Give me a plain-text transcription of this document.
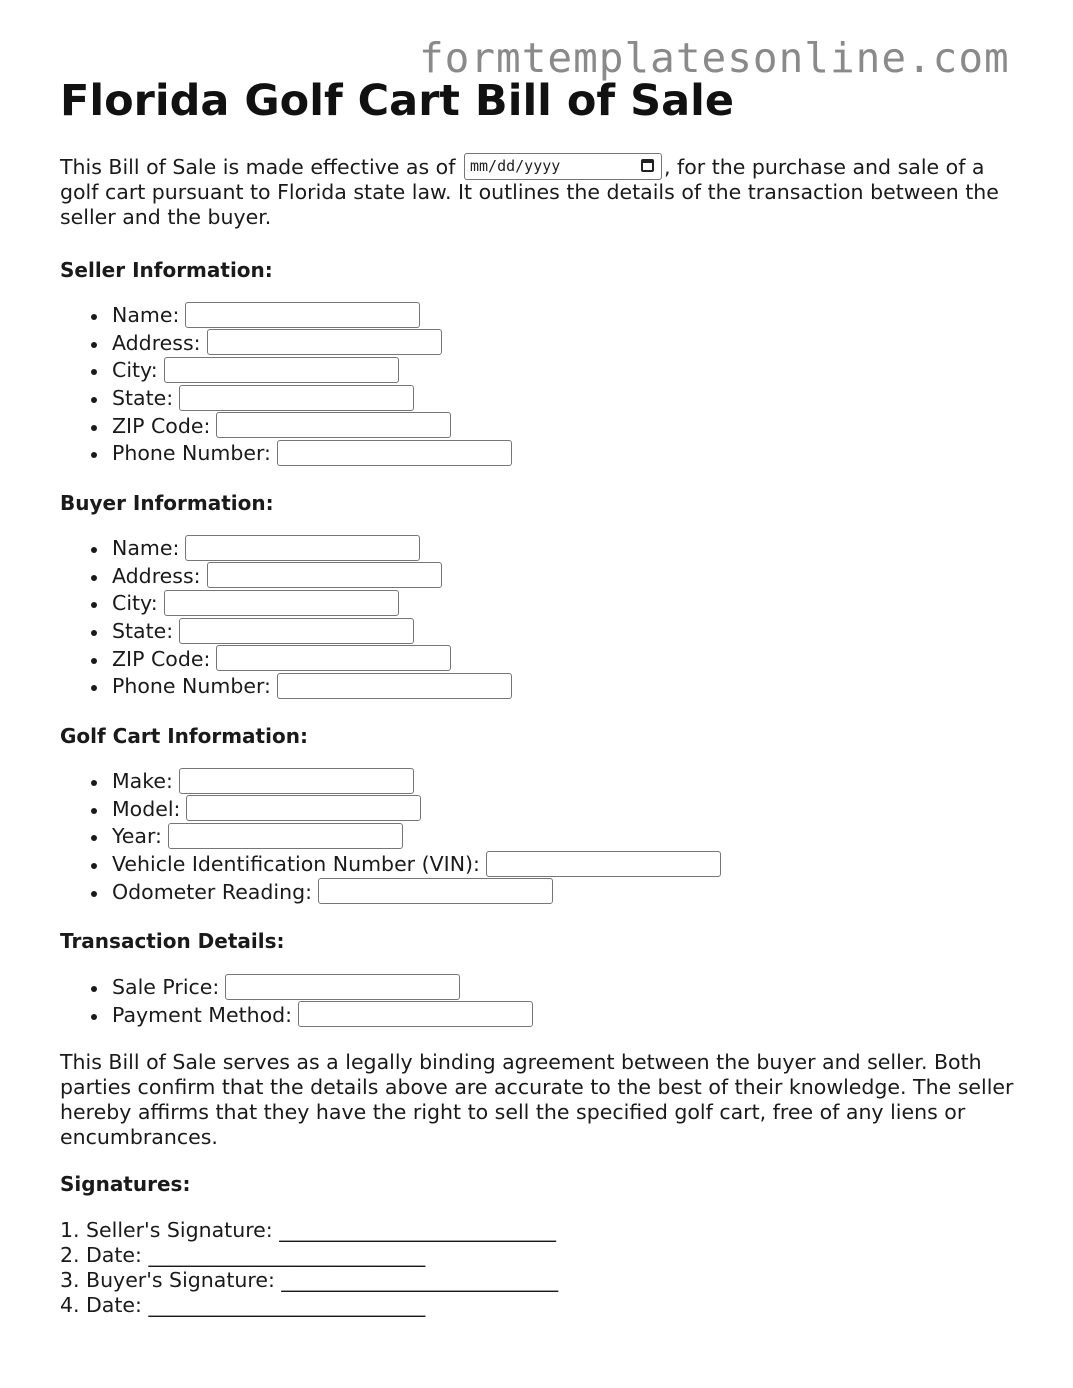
formtemplatesonline.com
Florida Golf Cart Bill of Sale

This Bill of Sale is made effective as of mm/dd/yyyy	, for the purchase and sale of a golf cart pursuant to Florida state law. It outlines the details of the transaction between the seller and the buyer.

Seller Information:
Name:
Address:
City:
State:
ZIP Code:
Phone Number:
Buyer Information:
Name:
Address:
City:
State:
ZIP Code:
Phone Number:
Golf Cart Information:
Make:
Model:
Year:
Vehicle Identification Number (VIN):
Odometer Reading:
Transaction Details:
Sale Price:
Payment Method:

This Bill of Sale serves as a legally binding agreement between the buyer and seller. Both parties confirm that the details above are accurate to the best of their knowledge. The seller hereby affirms that they have the right to sell the specified golf cart, free of any liens or encumbrances.

Signatures:
1. Seller's Signature: ___________________________
2. Date: ___________________________
3. Buyer's Signature: ___________________________
4. Date: ___________________________
